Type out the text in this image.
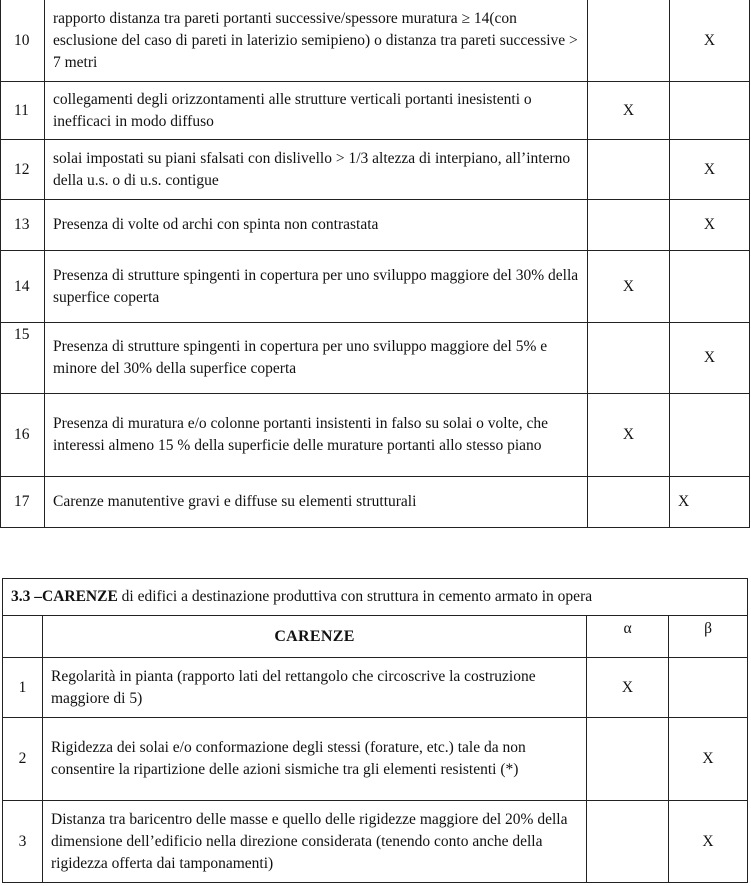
10	rapporto distanza tra pareti portanti successive/spessore muratura ≥ 14(con esclusione del caso di pareti in laterizio semipieno) o distanza tra pareti successive > 7 metri		X
11	collegamenti degli orizzontamenti alle strutture verticali portanti inesistenti o inefficaci in modo diffuso	X	
12	solai impostati su piani sfalsati con dislivello > 1/3 altezza di interpiano, all’interno della u.s. o di u.s. contigue		X
13	Presenza di volte od archi con spinta non contrastata		X
14	Presenza di strutture spingenti in copertura per uno sviluppo maggiore del 30% della superfice coperta	X	
15	Presenza di strutture spingenti in copertura per uno sviluppo maggiore del 5% e minore del 30% della superfice coperta		X
16	Presenza di muratura e/o colonne portanti insistenti in falso su solai o volte, che interessi almeno 15 % della superficie delle murature portanti allo stesso piano	X	
17	Carenze manutentive gravi e diffuse su elementi strutturali		X
3.3 –CARENZE di edifici a destinazione produttiva con struttura in cemento armato in opera			
	CARENZE	α	β
1	Regolarità in pianta (rapporto lati del rettangolo che circoscrive la costruzione maggiore di 5)	X	
2	Rigidezza dei solai e/o conformazione degli stessi (forature, etc.) tale da non consentire la ripartizione delle azioni sismiche tra gli elementi resistenti (*)		X
3	Distanza tra baricentro delle masse e quello delle rigidezze maggiore del 20% della dimensione dell’edificio nella direzione considerata (tenendo conto anche della rigidezza offerta dai tamponamenti)		X
